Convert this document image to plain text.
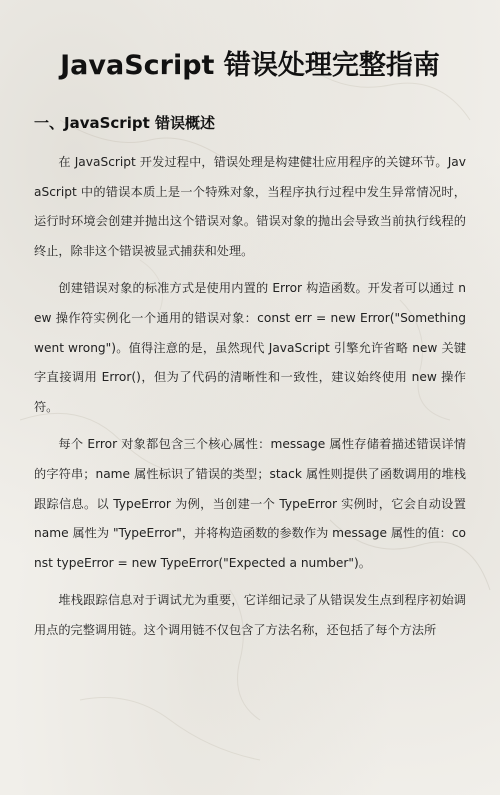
JavaScript 错误处理完整指南
一、JavaScript 错误概述

在 JavaScript 开发过程中，错误处理是构建健壮应用程序的关键环节。JavaScript 中的错误本质上是一个特殊对象，当程序执行过程中发生异常情况时，运行时环境会创建并抛出这个错误对象。错误对象的抛出会导致当前执行线程的终止，除非这个错误被显式捕获和处理。

创建错误对象的标准方式是使用内置的 Error 构造函数。开发者可以通过 new 操作符实例化一个通用的错误对象：const err = new Error("Something went wrong")。值得注意的是，虽然现代 JavaScript 引擎允许省略 new 关键字直接调用 Error()，但为了代码的清晰性和一致性，建议始终使用 new 操作符。

每个 Error 对象都包含三个核心属性：message 属性存储着描述错误详情的字符串；name 属性标识了错误的类型；stack 属性则提供了函数调用的堆栈跟踪信息。以 TypeError 为例，当创建一个 TypeError 实例时，它会自动设置 name 属性为 "TypeError"，并将构造函数的参数作为 message 属性的值：const typeError = new TypeError("Expected a number")。

堆栈跟踪信息对于调试尤为重要，它详细记录了从错误发生点到程序初始调用点的完整调用链。这个调用链不仅包含了方法名称，还包括了每个方法所
